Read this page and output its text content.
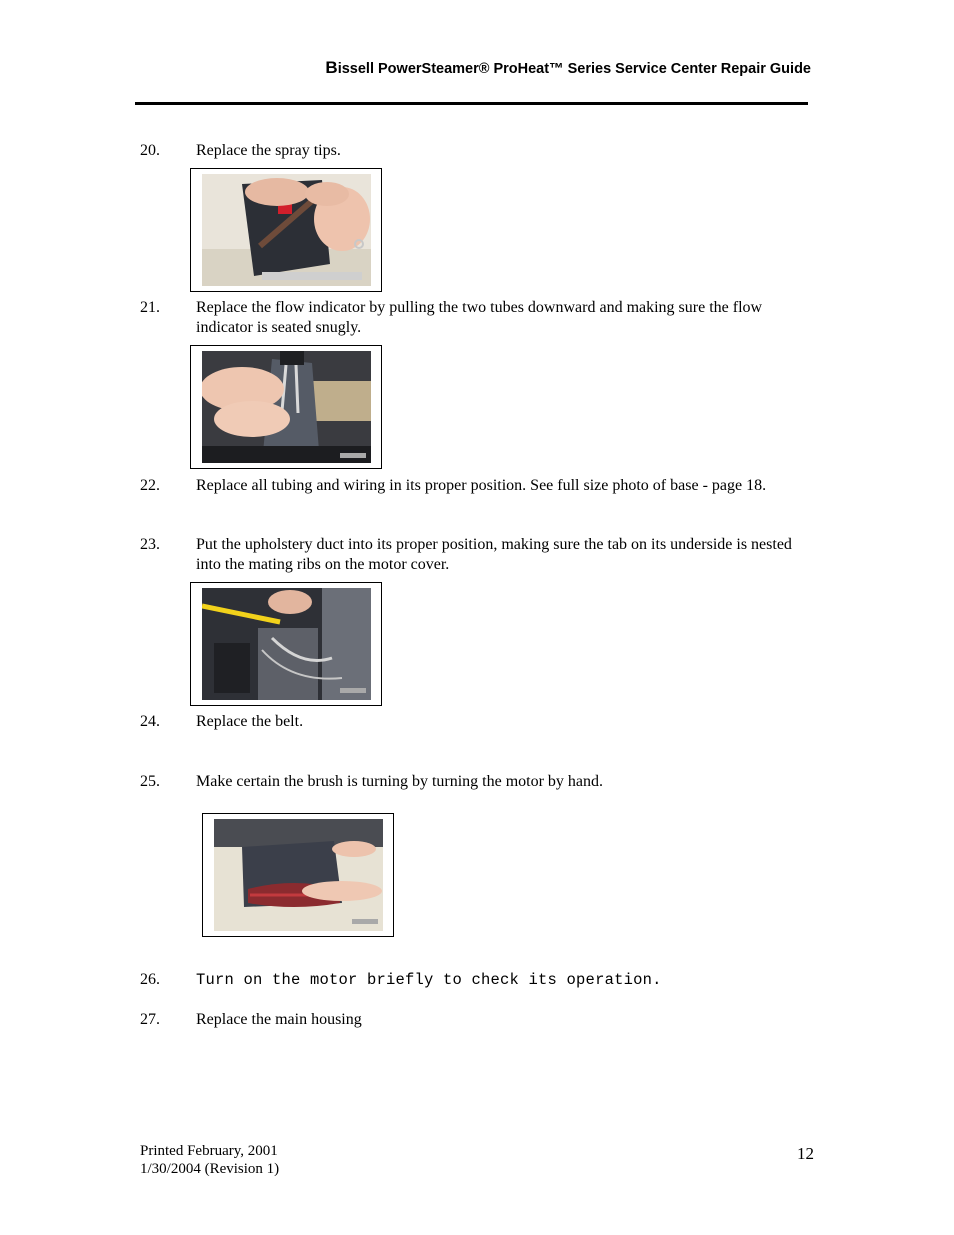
Bissell PowerSteamer® ProHeat™ Series Service Center Repair Guide
20. Replace the spray tips.
21. Replace the flow indicator by pulling the two tubes downward and making sure the flow indicator is seated snugly.
22. Replace all tubing and wiring in its proper position. See full size photo of base - page 18.
23. Put the upholstery duct into its proper position, making sure the tab on its underside is nested into the mating ribs on the motor cover.
24. Replace the belt.
25. Make certain the brush is turning by turning the motor by hand.
26. Turn on the motor briefly to check its operation.
27. Replace the main housing
Printed February, 2001
1/30/2004 (Revision 1)
12
